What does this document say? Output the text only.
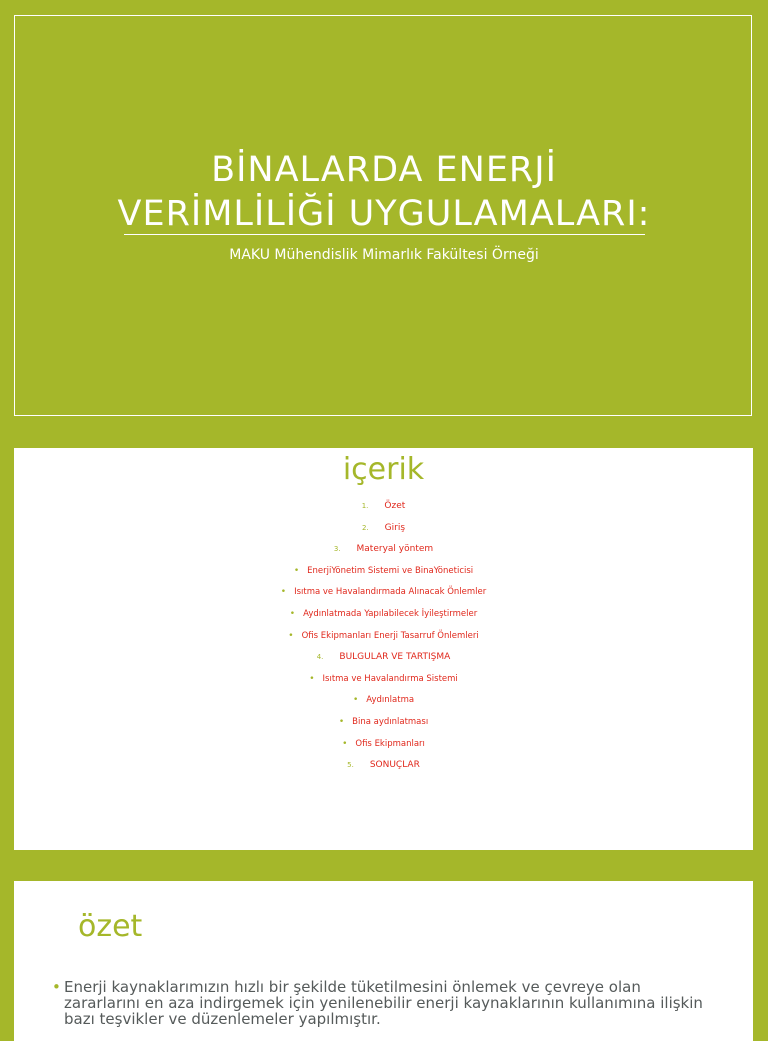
BİNALARDA ENERJİ
VERİMLİLİĞİ UYGULAMALARI:
MAKU Mühendislik Mimarlık Fakültesi Örneği
içerik
1. Özet
2. Giriş
3. Materyal yöntem
• EnerjiYönetim Sistemi ve BinaYöneticisi
• Isıtma ve Havalandırmada Alınacak Önlemler
• Aydınlatmada Yapılabilecek İyileştirmeler
• Ofis Ekipmanları Enerji Tasarruf Önlemleri
4. BULGULAR VE TARTIŞMA
• Isıtma ve Havalandırma Sistemi
• Aydınlatma
• Bina aydınlatması
• Ofis Ekipmanları
5. SONUÇLAR
özet
• Enerji kaynaklarımızın hızlı bir şekilde tüketilmesini önlemek ve çevreye olan zararlarını en aza indirgemek için yenilenebilir enerji kaynaklarının kullanımına ilişkin bazı teşvikler ve düzenlemeler yapılmıştır.
